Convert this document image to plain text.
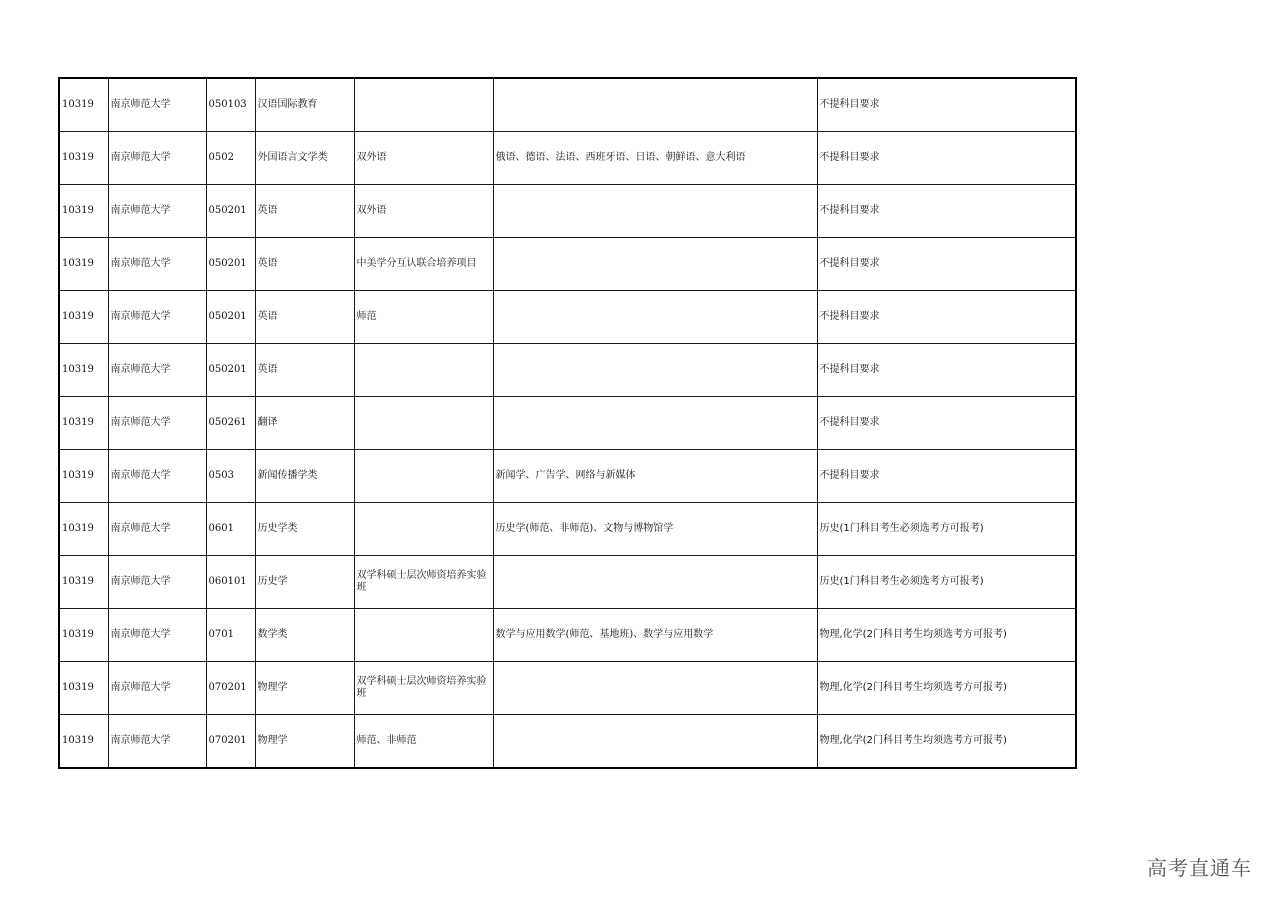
10319	南京师范大学	050103	汉语国际教育			不提科目要求
10319	南京师范大学	0502	外国语言文学类	双外语	俄语、德语、法语、西班牙语、日语、朝鲜语、意大利语	不提科目要求
10319	南京师范大学	050201	英语	双外语		不提科目要求
10319	南京师范大学	050201	英语	中美学分互认联合培养项目		不提科目要求
10319	南京师范大学	050201	英语	师范		不提科目要求
10319	南京师范大学	050201	英语			不提科目要求
10319	南京师范大学	050261	翻译			不提科目要求
10319	南京师范大学	0503	新闻传播学类		新闻学、广告学、网络与新媒体	不提科目要求
10319	南京师范大学	0601	历史学类		历史学(师范、非师范)、文物与博物馆学	历史(1门科目考生必须选考方可报考)
10319	南京师范大学	060101	历史学	双学科硕士层次师资培养实验班		历史(1门科目考生必须选考方可报考)
10319	南京师范大学	0701	数学类		数学与应用数学(师范、基地班)、数学与应用数学	物理,化学(2门科目考生均须选考方可报考)
10319	南京师范大学	070201	物理学	双学科硕士层次师资培养实验班		物理,化学(2门科目考生均须选考方可报考)
10319	南京师范大学	070201	物理学	师范、非师范		物理,化学(2门科目考生均须选考方可报考)
高考直通车
